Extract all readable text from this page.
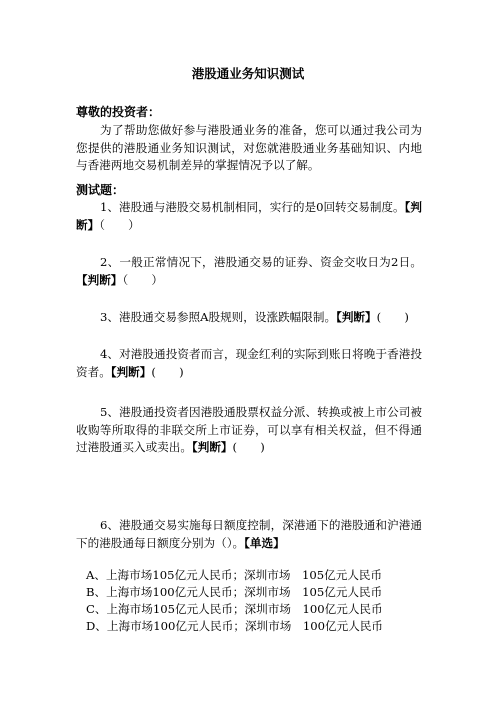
港股通业务知识测试
尊敬的投资者：
为了帮助您做好参与港股通业务的准备，您可以通过我公司为您提供的港股通业务知识测试，对您就港股通业务基础知识、内地与香港两地交易机制差异的掌握情况予以了解。
测试题：
1、港股通与港股交易机制相同，实行的是0回转交易制度。【判断】（　　）
2、一般正常情况下，港股通交易的证券、资金交收日为2日。【判断】（　　）
3、港股通交易参照A股规则，设涨跌幅限制。【判断】(　　)
4、对港股通投资者而言，现金红利的实际到账日将晚于香港投资者。【判断】(　　)
5、港股通投资者因港股通股票权益分派、转换或被上市公司被收购等所取得的非联交所上市证券，可以享有相关权益，但不得通过港股通买入或卖出。【判断】(　　)
6、港股通交易实施每日额度控制，深港通下的港股通和沪港通下的港股通每日额度分别为（）。【单选】
A、上海市场105亿元人民币；深圳市场　105亿元人民币
B、上海市场100亿元人民币；深圳市场　105亿元人民币
C、上海市场105亿元人民币；深圳市场　100亿元人民币
D、上海市场100亿元人民币；深圳市场　100亿元人民币
